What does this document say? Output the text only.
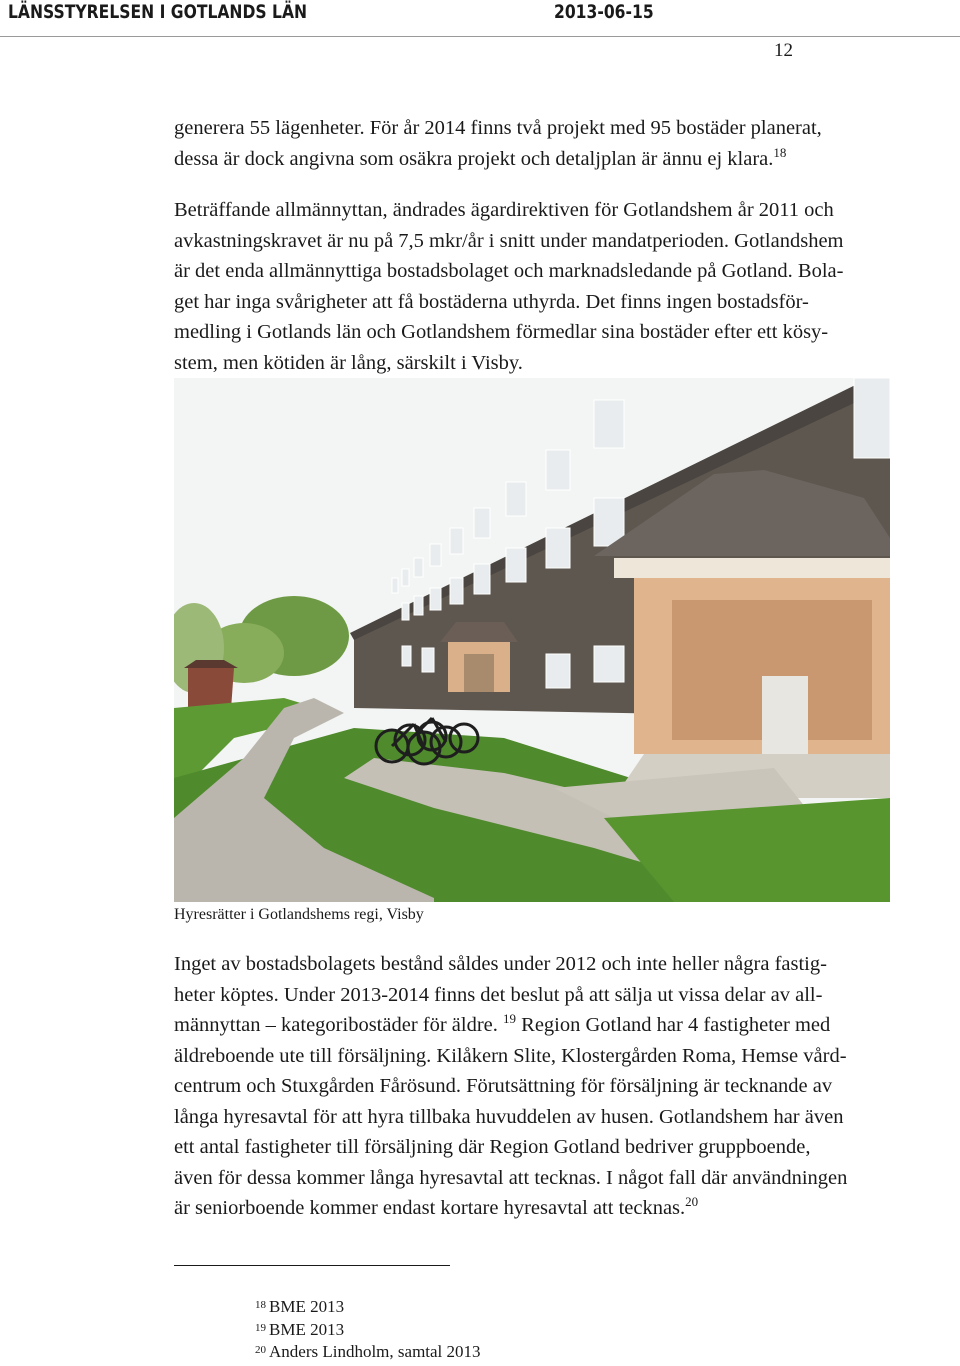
LÄNSSTYRELSEN I GOTLANDS LÄN	2013-06-15
12
generera 55 lägenheter. För år 2014 finns två projekt med 95 bostäder planerat,
dessa är dock angivna som osäkra projekt och detaljplan är ännu ej klara.$^{18}$
Beträffande allmännyttan, ändrades ägardirektiven för Gotlandshem år 2011 och
avkastningskravet är nu på 7,5 mkr/år i snitt under mandatperioden. Gotlandshem
är det enda allmännyttiga bostadsbolaget och marknadsledande på Gotland. Bola-
get har inga svårigheter att få bostäderna uthyrda. Det finns ingen bostadsför-
medling i Gotlands län och Gotlandshem förmedlar sina bostäder efter ett kösy-
stem, men kötiden är lång, särskilt i Visby.
Hyresrätter i Gotlandshems regi, Visby
Inget av bostadsbolagets bestånd såldes under 2012 och inte heller några fastig-
heter köptes. Under 2013-2014 finns det beslut på att sälja ut vissa delar av all-
männyttan – kategoribostäder för äldre. $^{19}$ Region Gotland har 4 fastigheter med
äldreboende ute till försäljning. Kilåkern Slite, Klostergården Roma, Hemse vård-
centrum och Stuxgården Fårösund. Förutsättning för försäljning är tecknande av
långa hyresavtal för att hyra tillbaka huvuddelen av husen. Gotlandshem har även
ett antal fastigheter till försäljning där Region Gotland bedriver gruppboende,
även för dessa kommer långa hyresavtal att tecknas. I något fall där användningen
är seniorboende kommer endast kortare hyresavtal att tecknas.$^{20}$
$^{18}$ BME 2013
$^{19}$ BME 2013
$^{20}$ Anders Lindholm, samtal 2013
